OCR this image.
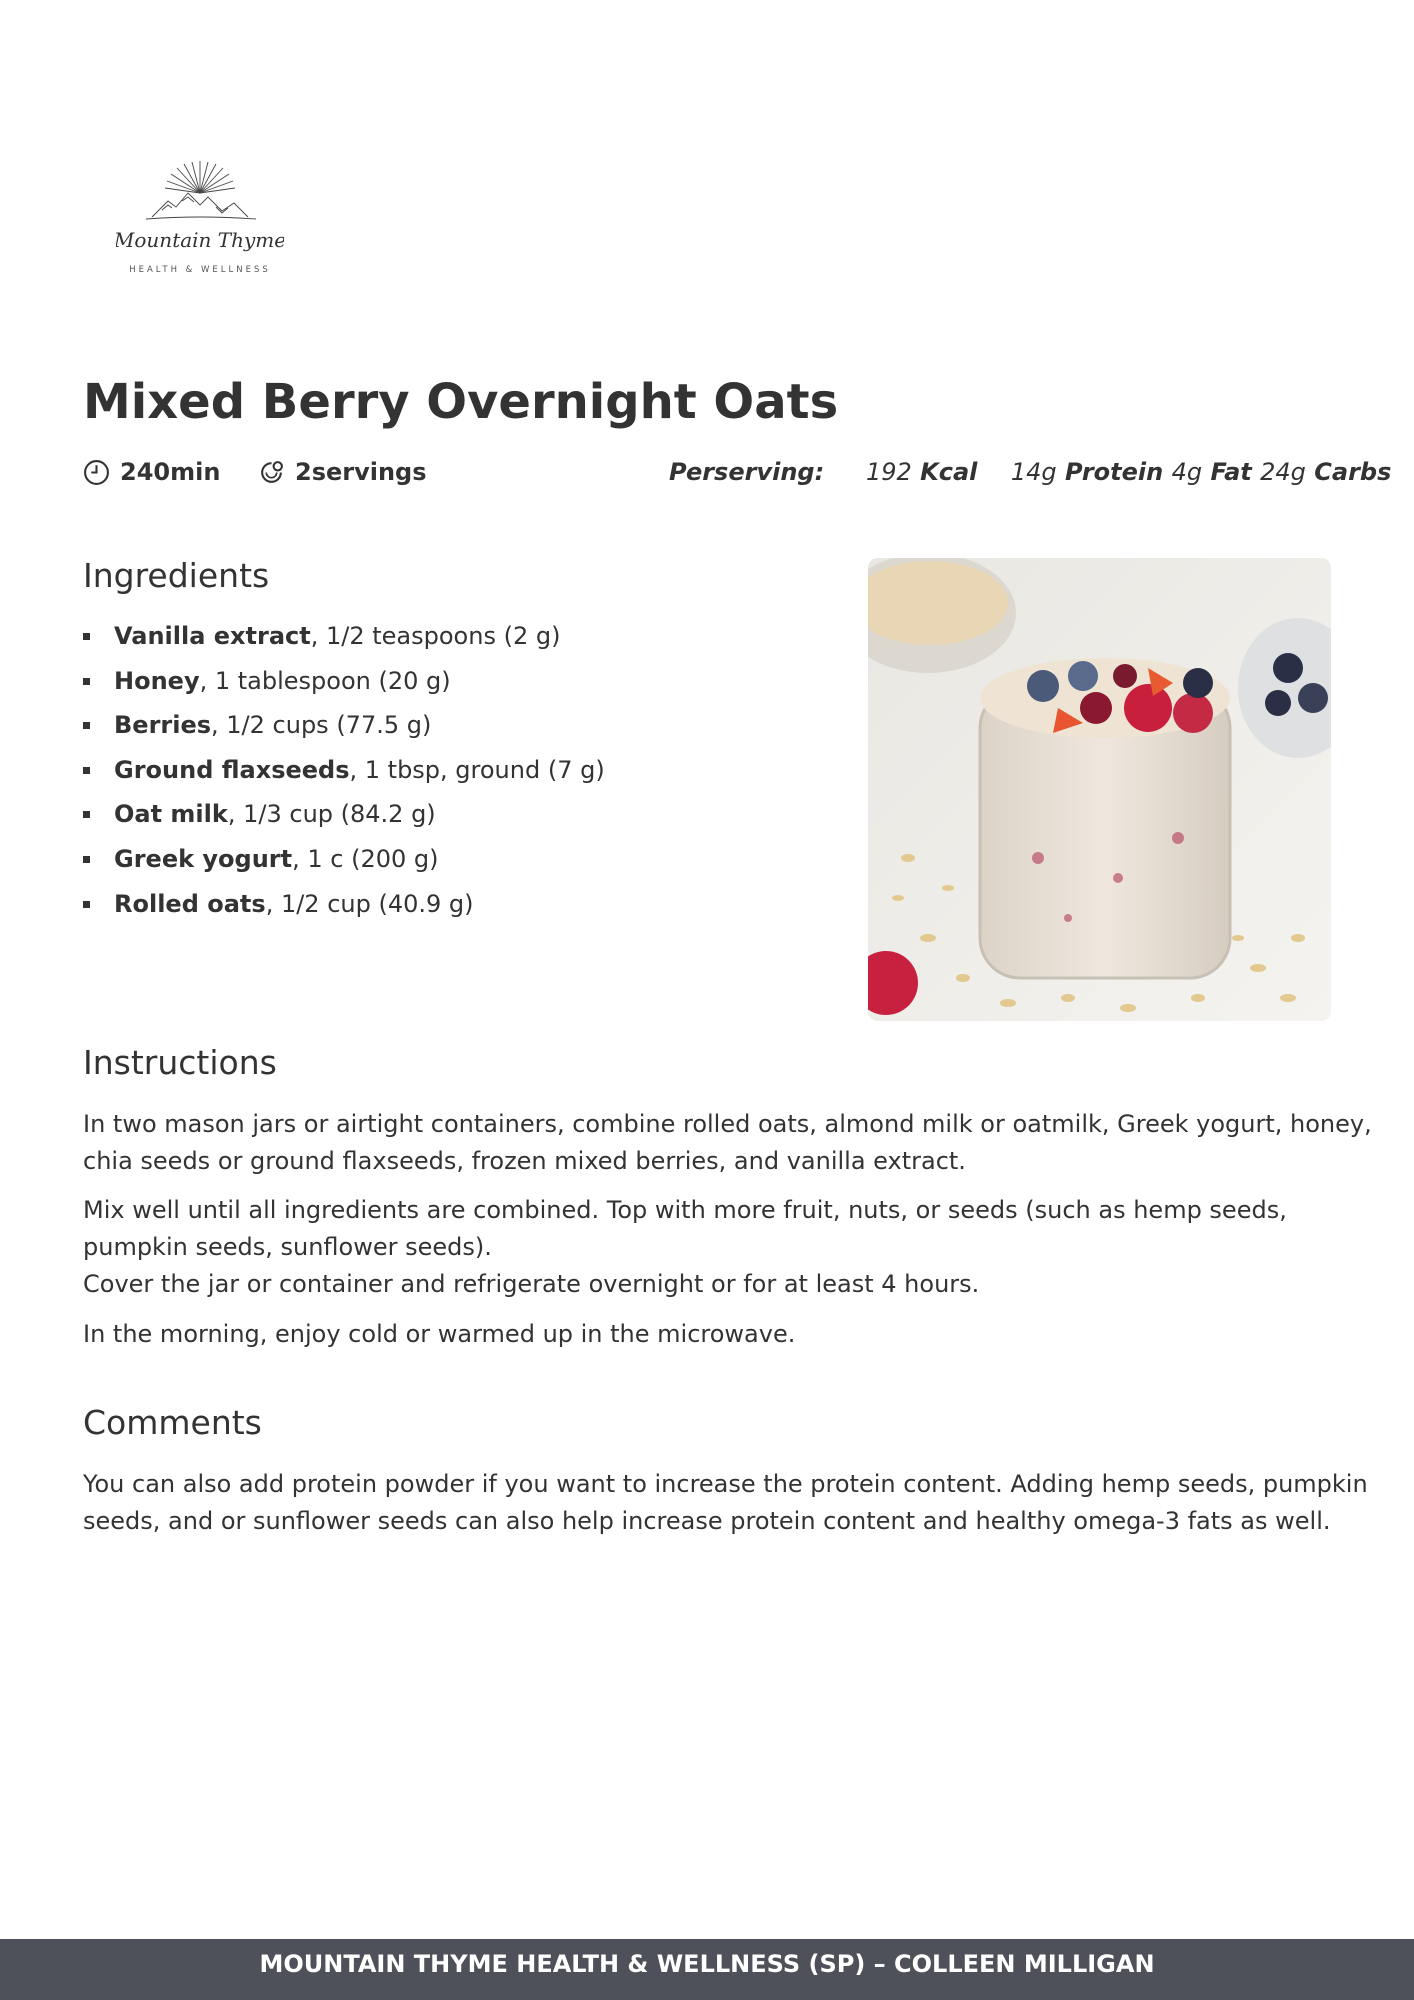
Mountain Thyme
HEALTH & WELLNESS
Mixed Berry Overnight Oats
240min	2servings	Perserving: 192 Kcal 14g Protein 4g Fat 24g Carbs
Ingredients
Vanilla extract, 1/2 teaspoons (2 g)
Honey, 1 tablespoon (20 g)
Berries, 1/2 cups (77.5 g)
Ground flaxseeds, 1 tbsp, ground (7 g)
Oat milk, 1/3 cup (84.2 g)
Greek yogurt, 1 c (200 g)
Rolled oats, 1/2 cup (40.9 g)
Instructions

In two mason jars or airtight containers, combine rolled oats, almond milk or oatmilk, Greek yogurt, honey, chia seeds or ground flaxseeds, frozen mixed berries, and vanilla extract.

Mix well until all ingredients are combined. Top with more fruit, nuts, or seeds (such as hemp seeds, pumpkin seeds, sunflower seeds).

Cover the jar or container and refrigerate overnight or for at least 4 hours.

In the morning, enjoy cold or warmed up in the microwave.

Comments

You can also add protein powder if you want to increase the protein content. Adding hemp seeds, pumpkin seeds, and or sunflower seeds can also help increase protein content and healthy omega-3 fats as well.

MOUNTAIN THYME HEALTH & WELLNESS (SP) – COLLEEN MILLIGAN
